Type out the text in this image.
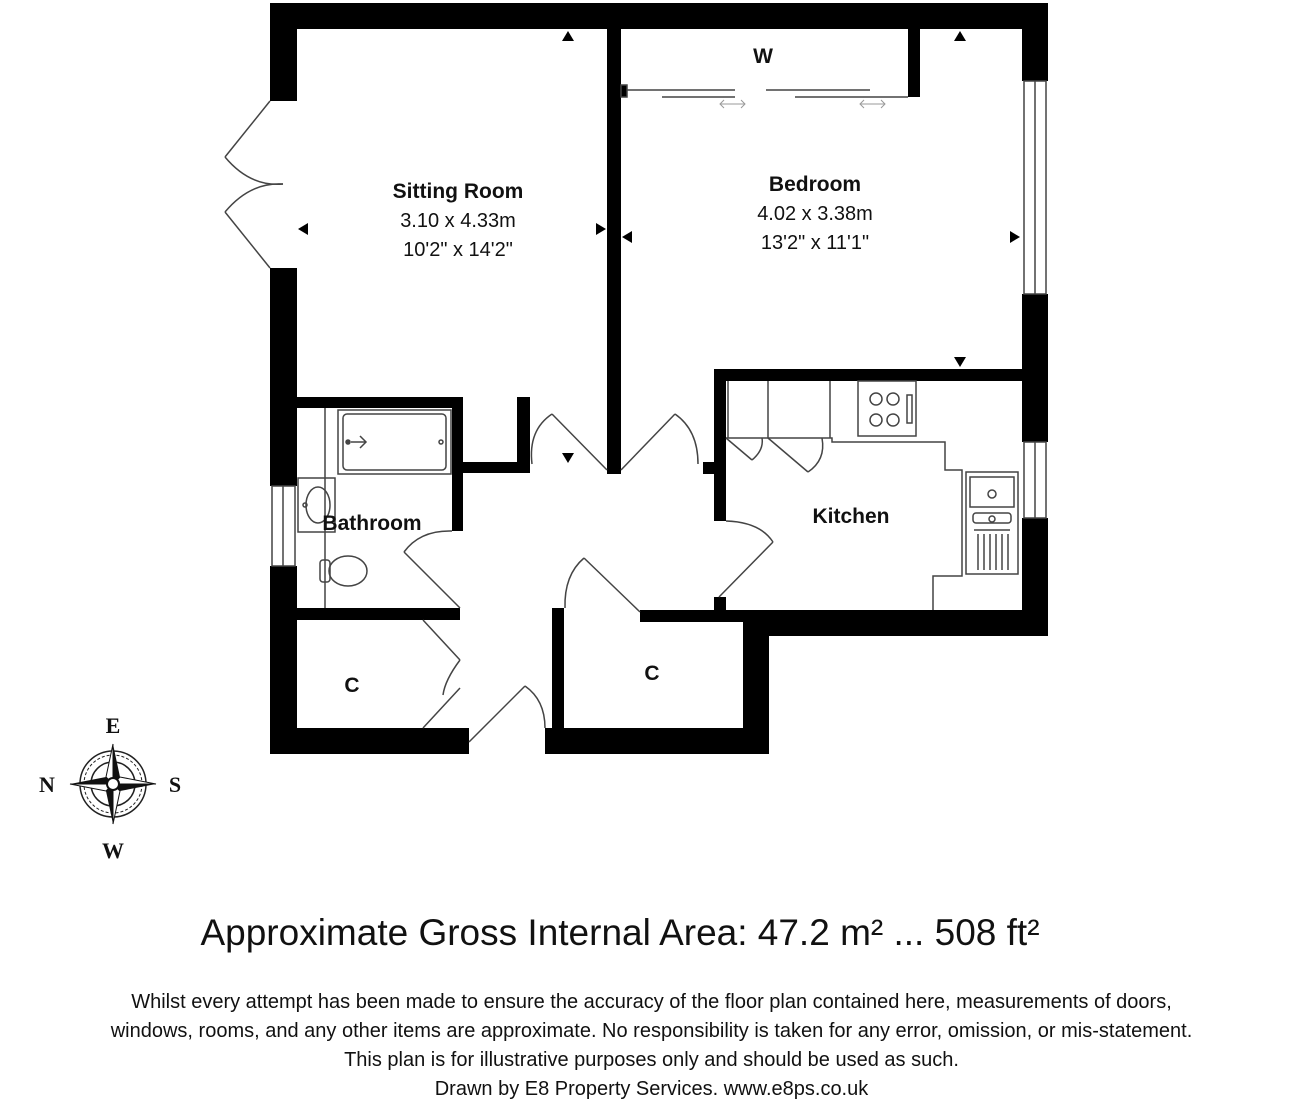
Sitting Room
3.10 x 4.33m
10'2" x 14'2"
Bedroom
4.02 x 3.38m
13'2" x 11'1"
W
Kitchen
Bathroom
C
C
E
N	S
W
Approximate Gross Internal Area: 47.2 m² ... 508 ft²
Whilst every attempt has been made to ensure the accuracy of the floor plan contained here, measurements of doors,
windows, rooms, and any other items are approximate. No responsibility is taken for any error, omission, or mis-statement.
This plan is for illustrative purposes only and should be used as such.
Drawn by E8 Property Services. www.e8ps.co.uk
